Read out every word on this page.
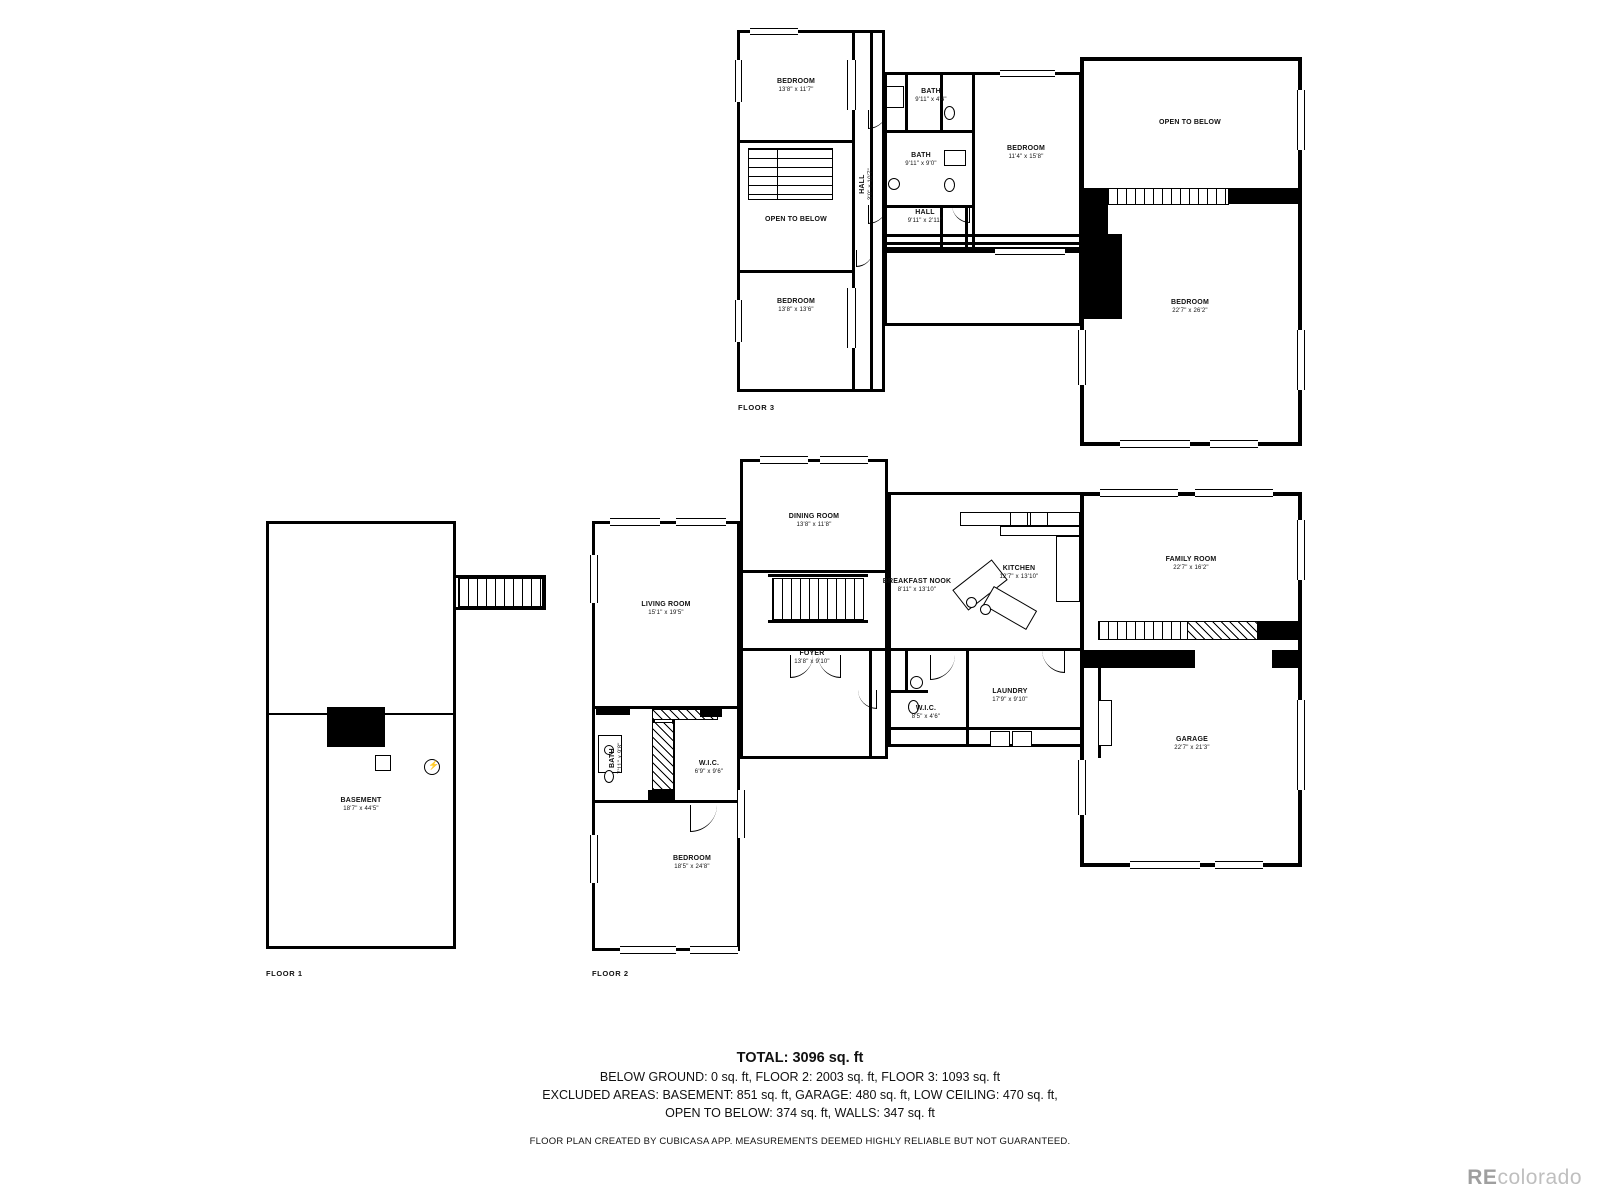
BEDROOM
13'8" x 11'7"	BATH
9'11" x 4'4"
BEDROOM
11'4" x 15'8"
OPEN TO BELOW
BATH
9'11" x 9'0"
HALL 3'0" x 10'7"
HALL
9'11" x 2'11"
OPEN TO BELOW
BEDROOM
13'8" x 13'6"
BEDROOM
22'7" x 26'2"
FLOOR 3
⚡
BASEMENT
18'7" x 44'5"
FLOOR 1
DINING ROOM
13'8" x 11'8"
KITCHEN
12'7" x 13'10"
FAMILY ROOM
22'7" x 16'2"
BREAKFAST NOOK
8'11" x 13'10"
LIVING ROOM
15'1" x 19'5"
FOYER
13'8" x 9'10"
LAUNDRY
17'9" x 9'10"
W.I.C.
8'5" x 4'6"
GARAGE
22'7" x 21'3"
W.I.C.
6'9" x 9'6"
BATH 7'11" x 9'8"
BEDROOM
18'5" x 24'8"
FLOOR 2
TOTAL: 3096 sq. ft
BELOW GROUND: 0 sq. ft, FLOOR 2: 2003 sq. ft, FLOOR 3: 1093 sq. ft
EXCLUDED AREAS: BASEMENT: 851 sq. ft, GARAGE: 480 sq. ft, LOW CEILING: 470 sq. ft,
OPEN TO BELOW: 374 sq. ft, WALLS: 347 sq. ft
FLOOR PLAN CREATED BY CUBICASA APP. MEASUREMENTS DEEMED HIGHLY RELIABLE BUT NOT GUARANTEED.
REcolorado
